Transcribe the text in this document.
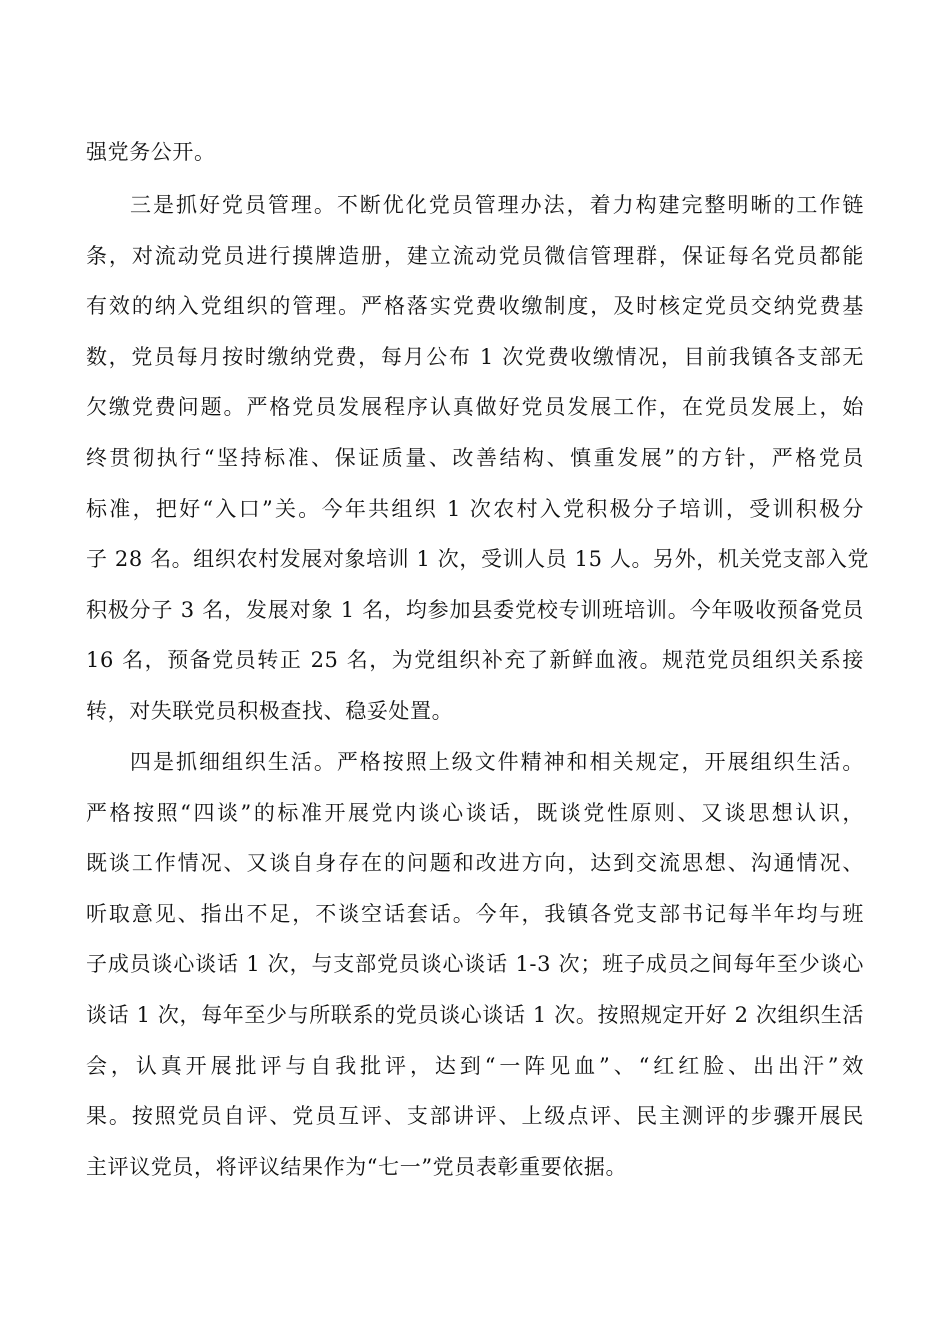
强党务公开。
三是抓好党员管理。不断优化党员管理办法，着力构建完整明晰的工作链
条，对流动党员进行摸牌造册，建立流动党员微信管理群，保证每名党员都能
有效的纳入党组织的管理。严格落实党费收缴制度，及时核定党员交纳党费基
数，党员每月按时缴纳党费，每月公布 1 次党费收缴情况，目前我镇各支部无
欠缴党费问题。严格党员发展程序认真做好党员发展工作，在党员发展上，始
终贯彻执行“坚持标准、保证质量、改善结构、慎重发展”的方针，严格党员
标准，把好“入口”关。今年共组织 1 次农村入党积极分子培训，受训积极分
子 28 名。组织农村发展对象培训 1 次，受训人员 15 人。另外，机关党支部入党
积极分子 3 名，发展对象 1 名，均参加县委党校专训班培训。今年吸收预备党员
16 名，预备党员转正 25 名，为党组织补充了新鲜血液。规范党员组织关系接
转，对失联党员积极查找、稳妥处置。
四是抓细组织生活。严格按照上级文件精神和相关规定，开展组织生活。
严格按照“四谈”的标准开展党内谈心谈话，既谈党性原则、又谈思想认识，
既谈工作情况、又谈自身存在的问题和改进方向，达到交流思想、沟通情况、
听取意见、指出不足，不谈空话套话。今年，我镇各党支部书记每半年均与班
子成员谈心谈话 1 次，与支部党员谈心谈话 1-3 次；班子成员之间每年至少谈心
谈话 1 次，每年至少与所联系的党员谈心谈话 1 次。按照规定开好 2 次组织生活
会，认真开展批评与自我批评，达到“一阵见血”、“红红脸、出出汗”效
果。按照党员自评、党员互评、支部讲评、上级点评、民主测评的步骤开展民
主评议党员，将评议结果作为“七一”党员表彰重要依据。
